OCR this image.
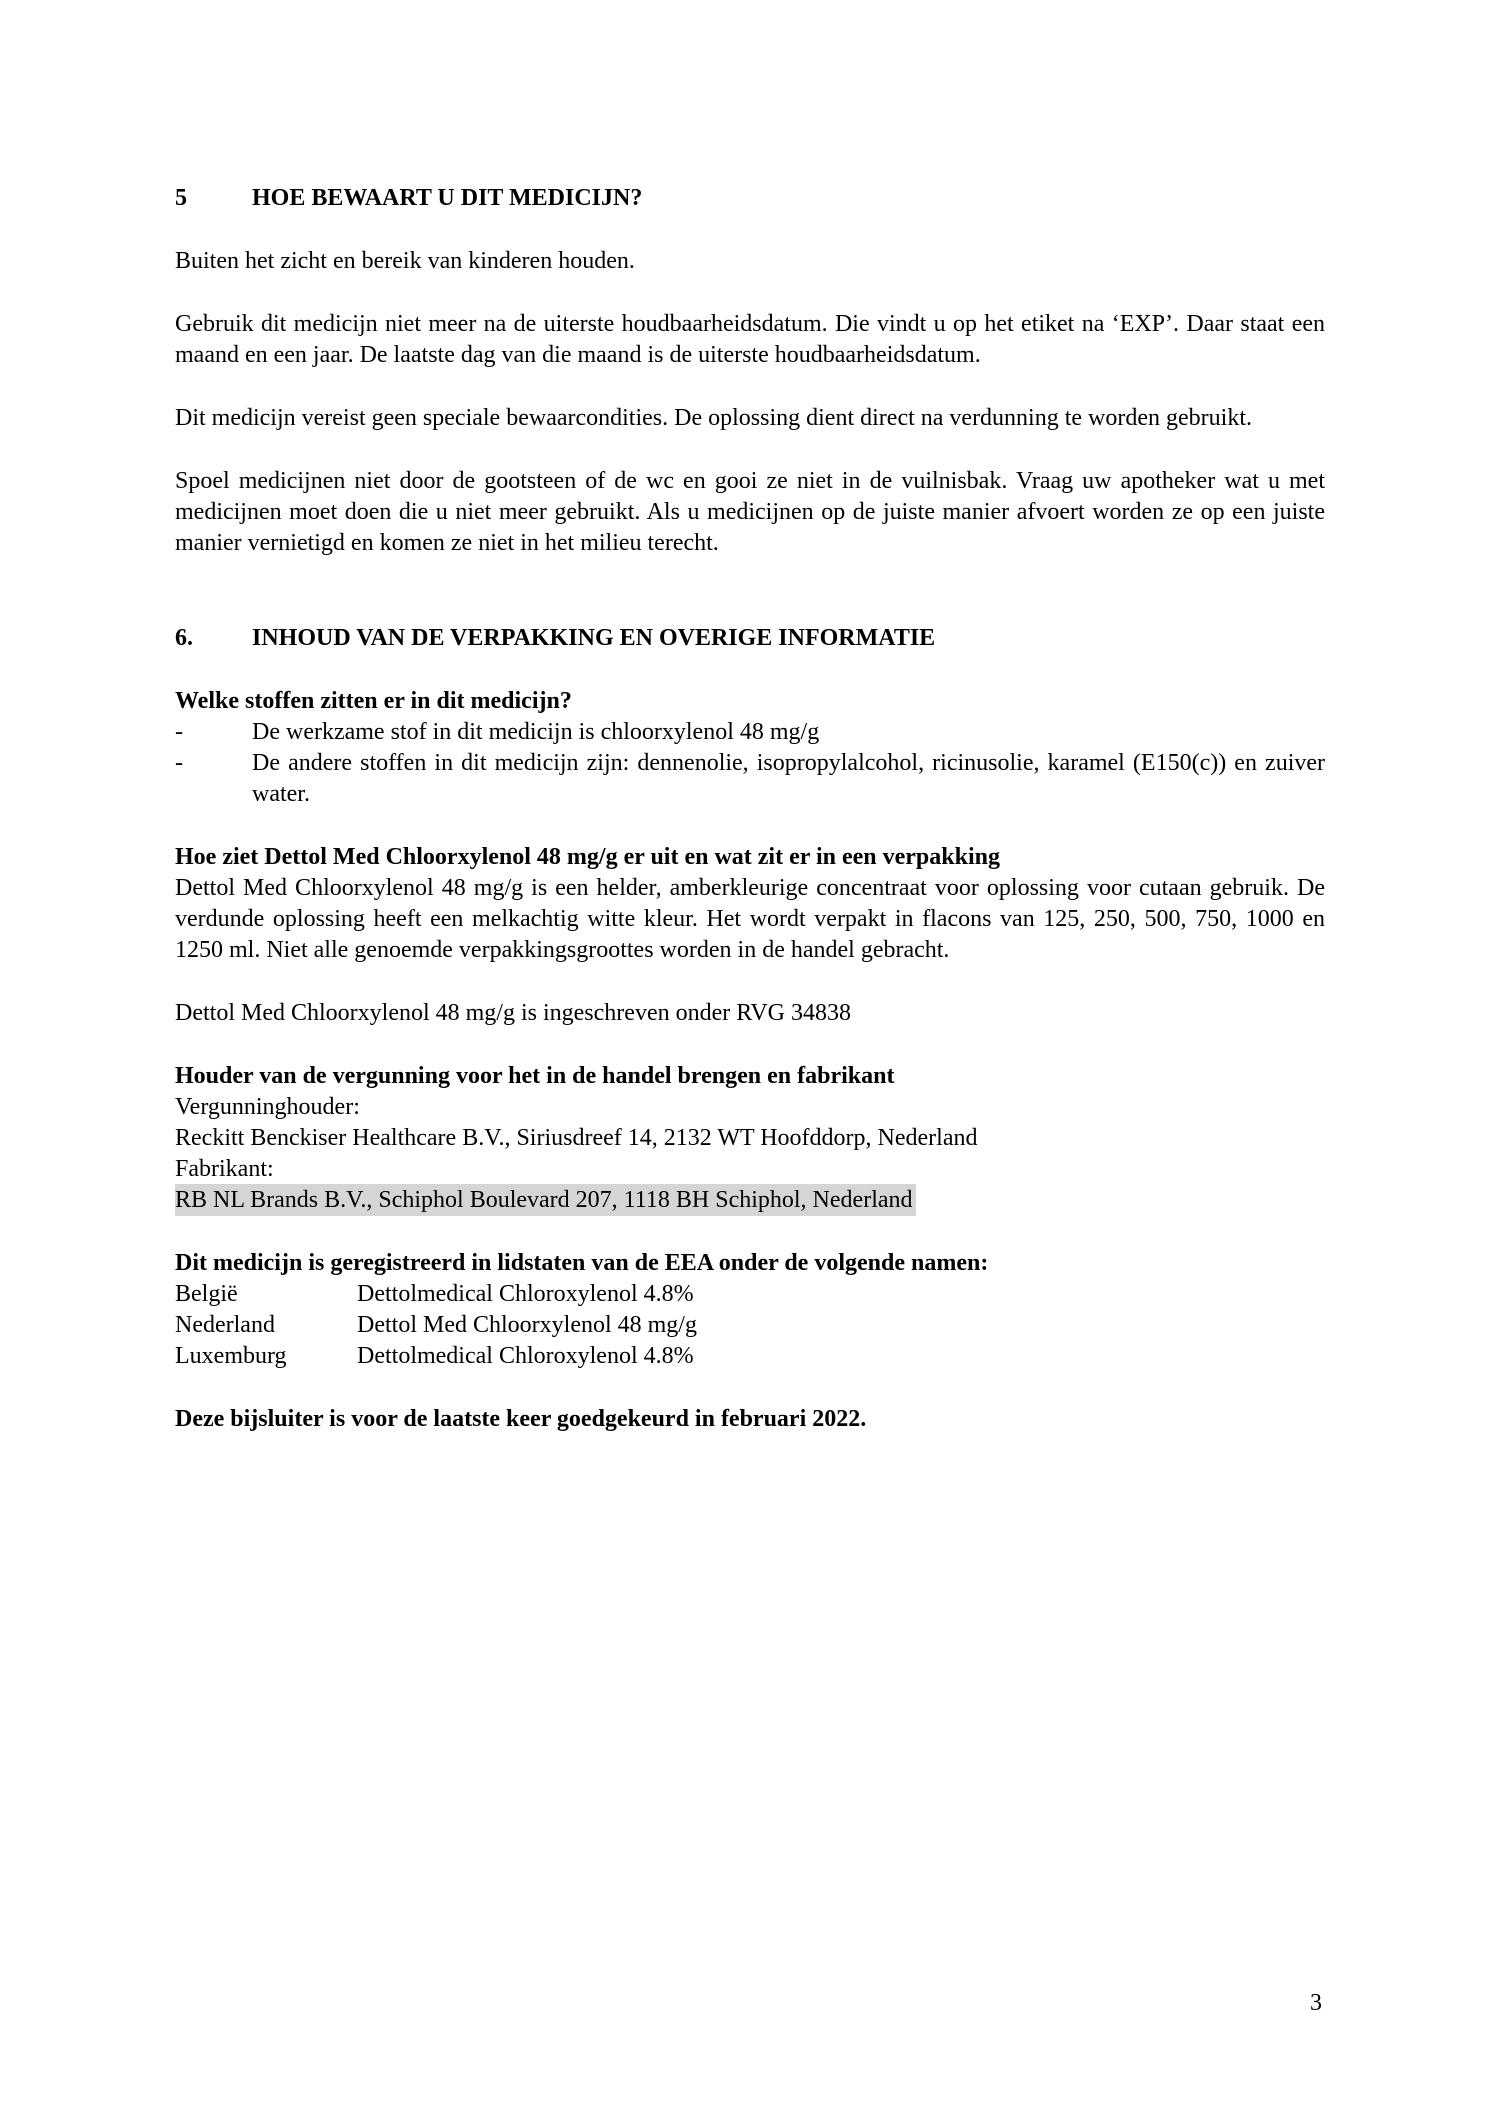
5	HOE BEWAART U DIT MEDICIJN?

Buiten het zicht en bereik van kinderen houden.

Gebruik dit medicijn niet meer na de uiterste houdbaarheidsdatum. Die vindt u op het etiket na ‘EXP’. Daar staat een maand en een jaar. De laatste dag van die maand is de uiterste houdbaarheidsdatum.

Dit medicijn vereist geen speciale bewaarcondities. De oplossing dient direct na verdunning te worden gebruikt.

Spoel medicijnen niet door de gootsteen of de wc en gooi ze niet in de vuilnisbak. Vraag uw apotheker wat u met medicijnen moet doen die u niet meer gebruikt. Als u medicijnen op de juiste manier afvoert worden ze op een juiste manier vernietigd en komen ze niet in het milieu terecht.

6. INHOUD VAN DE VERPAKKING EN OVERIGE INFORMATIE

Welke stoffen zitten er in dit medicijn?

-	De werkzame stof in dit medicijn is chloorxylenol 48 mg/g

-	De andere stoffen in dit medicijn zijn: dennenolie, isopropylalcohol, ricinusolie, karamel (E150(c)) en zuiver water.

Hoe ziet Dettol Med Chloorxylenol 48 mg/g er uit en wat zit er in een verpakking

Dettol Med Chloorxylenol 48 mg/g is een helder, amberkleurige concentraat voor oplossing voor cutaan gebruik. De verdunde oplossing heeft een melkachtig witte kleur. Het wordt verpakt in flacons van 125, 250, 500, 750, 1000 en 1250 ml. Niet alle genoemde verpakkingsgroottes worden in de handel gebracht.

Dettol Med Chloorxylenol 48 mg/g is ingeschreven onder RVG 34838

Houder van de vergunning voor het in de handel brengen en fabrikant

Vergunninghouder:

Reckitt Benckiser Healthcare B.V., Siriusdreef 14, 2132 WT Hoofddorp, Nederland

Fabrikant:

RB NL Brands B.V., Schiphol Boulevard 207, 1118 BH Schiphol, Nederland

Dit medicijn is geregistreerd in lidstaten van de EEA onder de volgende namen:

België	Dettolmedical Chloroxylenol 4.8%
Nederland	Dettol Med Chloorxylenol 48 mg/g
Luxemburg	Dettolmedical Chloroxylenol 4.8%

Deze bijsluiter is voor de laatste keer goedgekeurd in februari 2022.

3
